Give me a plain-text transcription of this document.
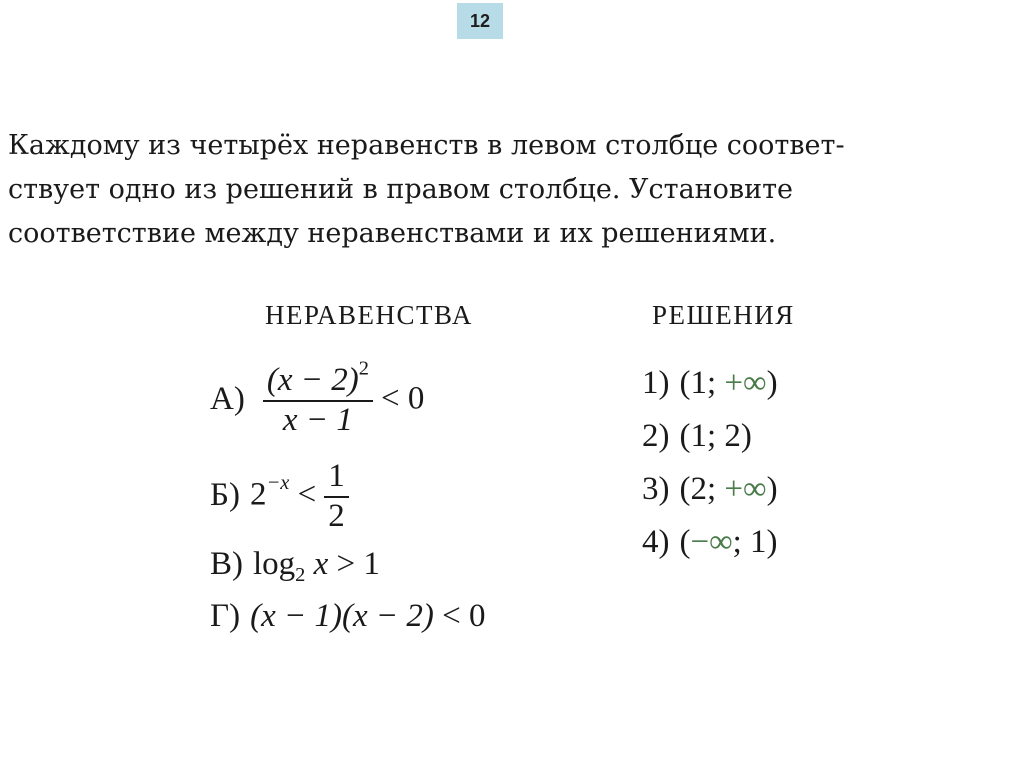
12

Каждому из четырёх неравенств в левом столбце соответ-
ствует одно из решений в правом столбце. Установите
соответствие между неравенствами и их решениями.

НЕРАВЕНСТВА	РЕШЕНИЯ
$А) \frac{(x - 2)^2}{x - 1} < 0$
Б) $2^{-x} < \frac{1}{2}$
В) $\log_2 x > 1$
Г) (x − 1)(x − 2) < 0
1) (1; +∞)
2) (1; 2)
3) (2; +∞)
4) (−∞; 1)
